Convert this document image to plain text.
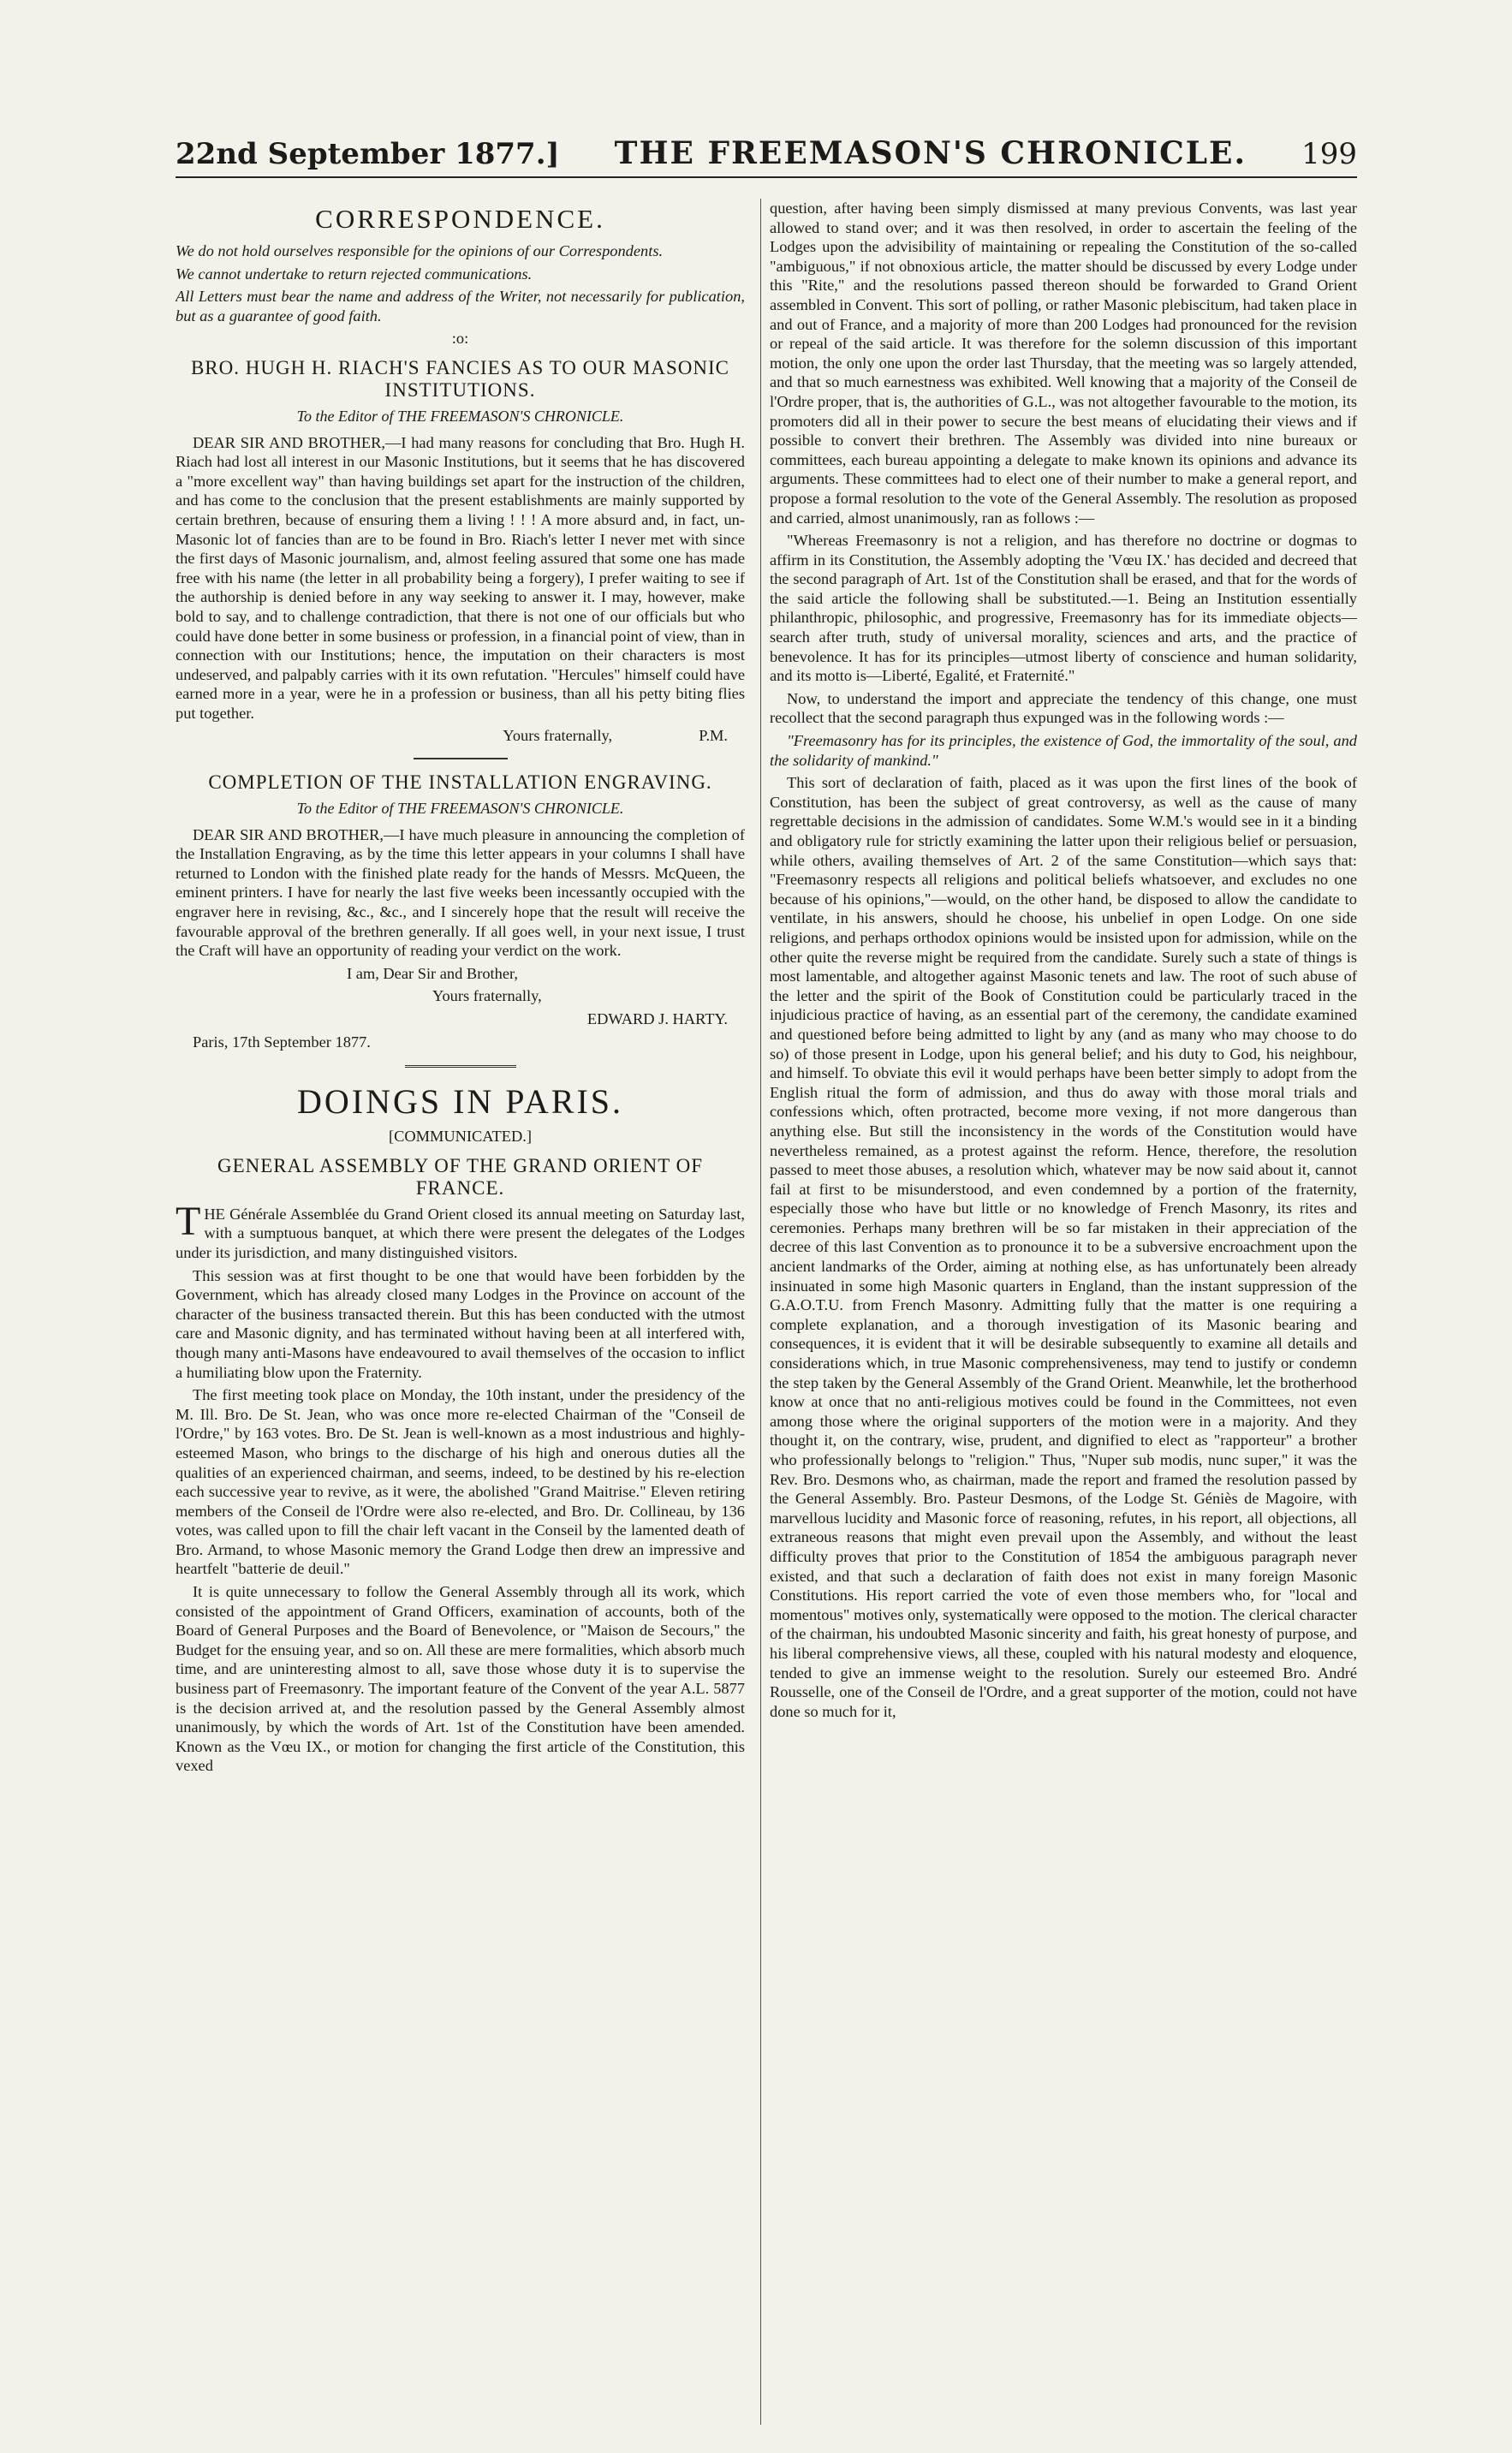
22nd September 1877.] THE FREEMASON'S CHRONICLE. 199
CORRESPONDENCE.

We do not hold ourselves responsible for the opinions of our Correspondents.

We cannot undertake to return rejected communications.

All Letters must bear the name and address of the Writer, not necessarily for publication, but as a guarantee of good faith.

:o:

BRO. HUGH H. RIACH'S FANCIES AS TO OUR MASONIC INSTITUTIONS.

To the Editor of THE FREEMASON'S CHRONICLE.

DEAR SIR AND BROTHER,—I had many reasons for concluding that Bro. Hugh H. Riach had lost all interest in our Masonic Institutions, but it seems that he has discovered a "more excellent way" than having buildings set apart for the instruction of the children, and has come to the conclusion that the present establishments are mainly supported by certain brethren, because of ensuring them a living ! ! ! A more absurd and, in fact, un-Masonic lot of fancies than are to be found in Bro. Riach's letter I never met with since the first days of Masonic journalism, and, almost feeling assured that some one has made free with his name (the letter in all probability being a forgery), I prefer waiting to see if the authorship is denied before in any way seeking to answer it. I may, however, make bold to say, and to challenge contradiction, that there is not one of our officials but who could have done better in some business or profession, in a financial point of view, than in connection with our Institutions; hence, the imputation on their characters is most undeserved, and palpably carries with it its own refutation. "Hercules" himself could have earned more in a year, were he in a profession or business, than all his petty biting flies put together.

Yours fraternally,	P.M.

COMPLETION OF THE INSTALLATION ENGRAVING.

To the Editor of THE FREEMASON'S CHRONICLE.

DEAR SIR AND BROTHER,—I have much pleasure in announcing the completion of the Installation Engraving, as by the time this letter appears in your columns I shall have returned to London with the finished plate ready for the hands of Messrs. McQueen, the eminent printers. I have for nearly the last five weeks been incessantly occupied with the engraver here in revising, &c., &c., and I sincerely hope that the result will receive the favourable approval of the brethren generally. If all goes well, in your next issue, I trust the Craft will have an opportunity of reading your verdict on the work.

I am, Dear Sir and Brother,

Yours fraternally,

EDWARD J. HARTY.

Paris, 17th September 1877.

DOINGS IN PARIS.

[COMMUNICATED.]

GENERAL ASSEMBLY OF THE GRAND ORIENT OF FRANCE.

THE Générale Assemblée du Grand Orient closed its annual meeting on Saturday last, with a sumptuous banquet, at which there were present the delegates of the Lodges under its jurisdiction, and many distinguished visitors.

This session was at first thought to be one that would have been forbidden by the Government, which has already closed many Lodges in the Province on account of the character of the business transacted therein. But this has been conducted with the utmost care and Masonic dignity, and has terminated without having been at all interfered with, though many anti-Masons have endeavoured to avail themselves of the occasion to inflict a humiliating blow upon the Fraternity.

The first meeting took place on Monday, the 10th instant, under the presidency of the M. Ill. Bro. De St. Jean, who was once more re-elected Chairman of the "Conseil de l'Ordre," by 163 votes. Bro. De St. Jean is well-known as a most industrious and highly-esteemed Mason, who brings to the discharge of his high and onerous duties all the qualities of an experienced chairman, and seems, indeed, to be destined by his re-election each successive year to revive, as it were, the abolished "Grand Maitrise." Eleven retiring members of the Conseil de l'Ordre were also re-elected, and Bro. Dr. Collineau, by 136 votes, was called upon to fill the chair left vacant in the Conseil by the lamented death of Bro. Armand, to whose Masonic memory the Grand Lodge then drew an impressive and heartfelt "batterie de deuil."

It is quite unnecessary to follow the General Assembly through all its work, which consisted of the appointment of Grand Officers, examination of accounts, both of the Board of General Purposes and the Board of Benevolence, or "Maison de Secours," the Budget for the ensuing year, and so on. All these are mere formalities, which absorb much time, and are uninteresting almost to all, save those whose duty it is to supervise the business part of Freemasonry. The important feature of the Convent of the year A.L. 5877 is the decision arrived at, and the resolution passed by the General Assembly almost unanimously, by which the words of Art. 1st of the Constitution have been amended. Known as the Vœu IX., or motion for changing the first article of the Constitution, this vexed

question, after having been simply dismissed at many previous Convents, was last year allowed to stand over; and it was then resolved, in order to ascertain the feeling of the Lodges upon the advisibility of maintaining or repealing the Constitution of the so-called "ambiguous," if not obnoxious article, the matter should be discussed by every Lodge under this "Rite," and the resolutions passed thereon should be forwarded to Grand Orient assembled in Convent. This sort of polling, or rather Masonic plebiscitum, had taken place in and out of France, and a majority of more than 200 Lodges had pronounced for the revision or repeal of the said article. It was therefore for the solemn discussion of this important motion, the only one upon the order last Thursday, that the meeting was so largely attended, and that so much earnestness was exhibited. Well knowing that a majority of the Conseil de l'Ordre proper, that is, the authorities of G.L., was not altogether favourable to the motion, its promoters did all in their power to secure the best means of elucidating their views and if possible to convert their brethren. The Assembly was divided into nine bureaux or committees, each bureau appointing a delegate to make known its opinions and advance its arguments. These committees had to elect one of their number to make a general report, and propose a formal resolution to the vote of the General Assembly. The resolution as proposed and carried, almost unanimously, ran as follows :—

"Whereas Freemasonry is not a religion, and has therefore no doctrine or dogmas to affirm in its Constitution, the Assembly adopting the 'Vœu IX.' has decided and decreed that the second paragraph of Art. 1st of the Constitution shall be erased, and that for the words of the said article the following shall be substituted.—1. Being an Institution essentially philanthropic, philosophic, and progressive, Freemasonry has for its immediate objects—search after truth, study of universal morality, sciences and arts, and the practice of benevolence. It has for its principles—utmost liberty of conscience and human solidarity, and its motto is—Liberté, Egalité, et Fraternité."

Now, to understand the import and appreciate the tendency of this change, one must recollect that the second paragraph thus expunged was in the following words :—

"Freemasonry has for its principles, the existence of God, the immortality of the soul, and the solidarity of mankind."

This sort of declaration of faith, placed as it was upon the first lines of the book of Constitution, has been the subject of great controversy, as well as the cause of many regrettable decisions in the admission of candidates. Some W.M.'s would see in it a binding and obligatory rule for strictly examining the latter upon their religious belief or persuasion, while others, availing themselves of Art. 2 of the same Constitution—which says that: "Freemasonry respects all religions and political beliefs whatsoever, and excludes no one because of his opinions,"—would, on the other hand, be disposed to allow the candidate to ventilate, in his answers, should he choose, his unbelief in open Lodge. On one side religions, and perhaps orthodox opinions would be insisted upon for admission, while on the other quite the reverse might be required from the candidate. Surely such a state of things is most lamentable, and altogether against Masonic tenets and law. The root of such abuse of the letter and the spirit of the Book of Constitution could be particularly traced in the injudicious practice of having, as an essential part of the ceremony, the candidate examined and questioned before being admitted to light by any (and as many who may choose to do so) of those present in Lodge, upon his general belief; and his duty to God, his neighbour, and himself. To obviate this evil it would perhaps have been better simply to adopt from the English ritual the form of admission, and thus do away with those moral trials and confessions which, often protracted, become more vexing, if not more dangerous than anything else. But still the inconsistency in the words of the Constitution would have nevertheless remained, as a protest against the reform. Hence, therefore, the resolution passed to meet those abuses, a resolution which, whatever may be now said about it, cannot fail at first to be misunderstood, and even condemned by a portion of the fraternity, especially those who have but little or no knowledge of French Masonry, its rites and ceremonies. Perhaps many brethren will be so far mistaken in their appreciation of the decree of this last Convention as to pronounce it to be a subversive encroachment upon the ancient landmarks of the Order, aiming at nothing else, as has unfortunately been already insinuated in some high Masonic quarters in England, than the instant suppression of the G.A.O.T.U. from French Masonry. Admitting fully that the matter is one requiring a complete explanation, and a thorough investigation of its Masonic bearing and consequences, it is evident that it will be desirable subsequently to examine all details and considerations which, in true Masonic comprehensiveness, may tend to justify or condemn the step taken by the General Assembly of the Grand Orient. Meanwhile, let the brotherhood know at once that no anti-religious motives could be found in the Committees, not even among those where the original supporters of the motion were in a majority. And they thought it, on the contrary, wise, prudent, and dignified to elect as "rapporteur" a brother who professionally belongs to "religion." Thus, "Nuper sub modis, nunc super," it was the Rev. Bro. Desmons who, as chairman, made the report and framed the resolution passed by the General Assembly. Bro. Pasteur Desmons, of the Lodge St. Géniès de Magoire, with marvellous lucidity and Masonic force of reasoning, refutes, in his report, all objections, all extraneous reasons that might even prevail upon the Assembly, and without the least difficulty proves that prior to the Constitution of 1854 the ambiguous paragraph never existed, and that such a declaration of faith does not exist in many foreign Masonic Constitutions. His report carried the vote of even those members who, for "local and momentous" motives only, systematically were opposed to the motion. The clerical character of the chairman, his undoubted Masonic sincerity and faith, his great honesty of purpose, and his liberal comprehensive views, all these, coupled with his natural modesty and eloquence, tended to give an immense weight to the resolution. Surely our esteemed Bro. André Rousselle, one of the Conseil de l'Ordre, and a great supporter of the motion, could not have done so much for it,
